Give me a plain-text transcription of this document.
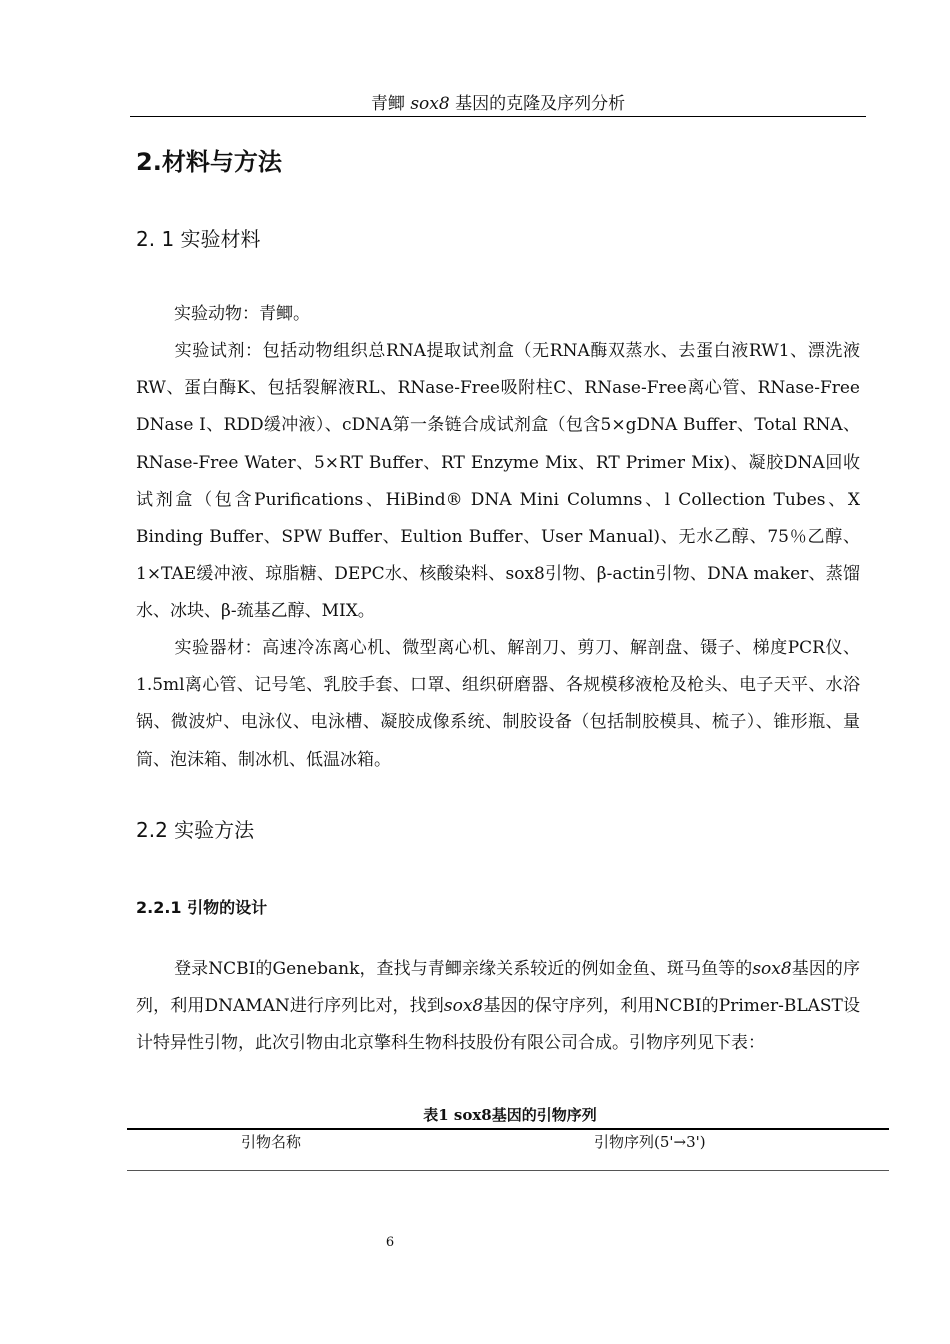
青鲫 sox8 基因的克隆及序列分析
2.材料与方法
2. 1 实验材料

实验动物：青鲫。

实验试剂：包括动物组织总RNA提取试剂盒（无RNA酶双蒸水、去蛋白液RW1、漂洗液RW、蛋白酶K、包括裂解液RL、RNase-Free吸附柱C、RNase-Free离心管、RNase-Free DNase I、RDD缓冲液）、cDNA第一条链合成试剂盒（包含5×gDNA Buffer、Total RNA、RNase-Free Water、5×RT Buffer、RT Enzyme Mix、RT Primer Mix)、凝胶DNA回收试剂盒（包含Purifications、HiBind® DNA Mini Columns、l Collection Tubes、X Binding Buffer、SPW Buffer、Eultion Buffer、User Manual)、无水乙醇、75％乙醇、1×TAE缓冲液、琼脂糖、DEPC水、核酸染料、sox8引物、β-actin引物、DNA maker、蒸馏水、冰块、β-巯基乙醇、MIX。

实验器材：高速冷冻离心机、微型离心机、解剖刀、剪刀、解剖盘、镊子、梯度PCR仪、1.5ml离心管、记号笔、乳胶手套、口罩、组织研磨器、各规模移液枪及枪头、电子天平、水浴锅、微波炉、电泳仪、电泳槽、凝胶成像系统、制胶设备（包括制胶模具、梳子）、锥形瓶、量筒、泡沫箱、制冰机、低温冰箱。

2.2 实验方法
2.2.1 引物的设计

登录NCBI的Genebank，查找与青鲫亲缘关系较近的例如金鱼、斑马鱼等的sox8基因的序列，利用DNAMAN进行序列比对，找到sox8基因的保守序列，利用NCBI的Primer-BLAST设计特异性引物，此次引物由北京擎科生物科技股份有限公司合成。引物序列见下表：

表1 sox8基因的引物序列
引物名称	引物序列(5'→3')
6
